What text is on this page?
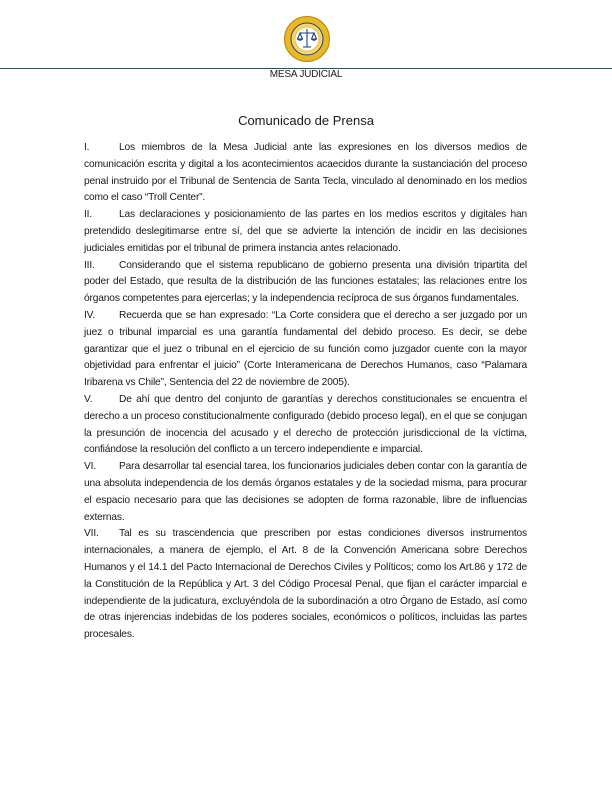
MESA JUDICIAL
Comunicado de Prensa

I.	Los miembros de la Mesa Judicial ante las expresiones en los diversos medios de comunicación escrita y digital a los acontecimientos acaecidos durante la sustanciación del proceso penal instruido por el Tribunal de Sentencia de Santa Tecla, vinculado al denominado en los medios como el caso “Troll Center”.

II.	Las declaraciones y posicionamiento de las partes en los medios escritos y digitales han pretendido deslegitimarse entre sí, del que se advierte la intención de incidir en las decisiones judiciales emitidas por el tribunal de primera instancia antes relacionado.

III. Considerando que el sistema republicano de gobierno presenta una división tripartita del poder del Estado, que resulta de la distribución de las funciones estatales; las relaciones entre los órganos competentes para ejercerlas; y la independencia recíproca de sus órganos fundamentales.

IV. Recuerda que se han expresado: “La Corte considera que el derecho a ser juzgado por un juez o tribunal imparcial es una garantía fundamental del debido proceso. Es decir, se debe garantizar que el juez o tribunal en el ejercicio de su función como juzgador cuente con la mayor objetividad para enfrentar el juicio” (Corte Interamericana de Derechos Humanos, caso “Palamara Iribarena vs Chile”, Sentencia del 22 de noviembre de 2005).

V.	De ahí que dentro del conjunto de garantías y derechos constitucionales se encuentra el derecho a un proceso constitucionalmente configurado (debido proceso legal), en el que se conjugan la presunción de inocencia del acusado y el derecho de protección jurisdiccional de la víctima, confiándose la resolución del conflicto a un tercero independiente e imparcial.

VI. Para desarrollar tal esencial tarea, los funcionarios judiciales deben contar con la garantía de una absoluta independencia de los demás órganos estatales y de la sociedad misma, para procurar el espacio necesario para que las decisiones se adopten de forma razonable, libre de influencias externas.

VII. Tal es su trascendencia que prescriben por estas condiciones diversos instrumentos internacionales, a manera de ejemplo, el Art. 8 de la Convención Americana sobre Derechos Humanos y el 14.1 del Pacto Internacional de Derechos Civiles y Políticos; como los Art.86 y 172 de la Constitución de la República y Art. 3 del Código Procesal Penal, que fijan el carácter imparcial e independiente de la judicatura, excluyéndola de la subordinación a otro Órgano de Estado, así como de otras injerencias indebidas de los poderes sociales, económicos o políticos, incluidas las partes procesales.
